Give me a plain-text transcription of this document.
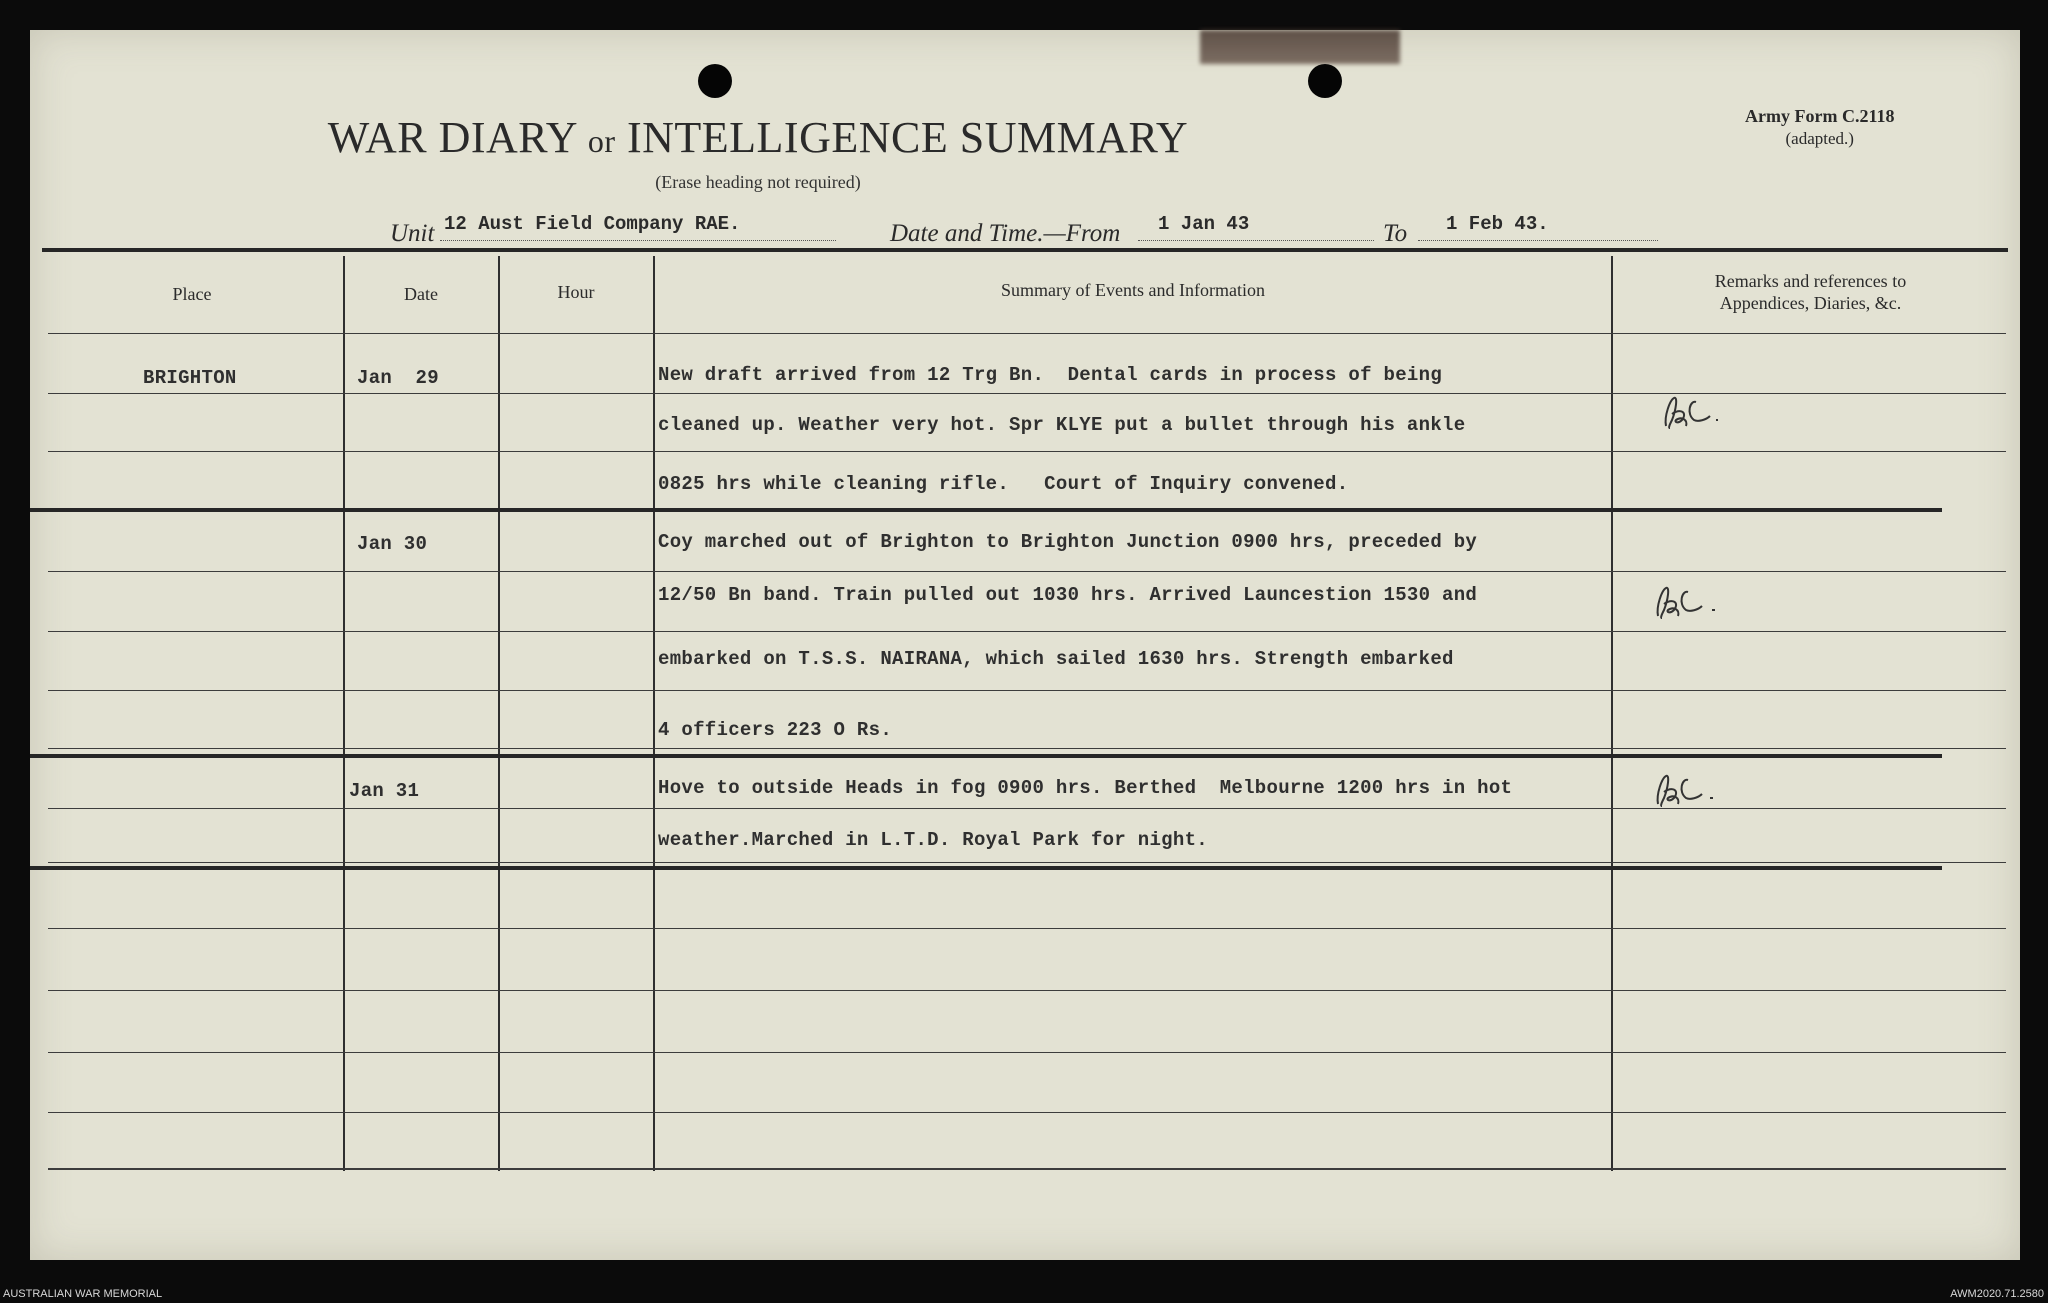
WAR DIARY or INTELLIGENCE SUMMARY
(Erase heading not required)
Army Form C.2118
(adapted.)
Unit 12 Aust Field Company RAE.	Date and Time.—From 1 Jan 43	To 1 Feb 43.
Place	Date	Hour	Summary of Events and Information	Remarks and references to
Appendices, Diaries, &c.
BRIGHTON	Jan  29	New draft arrived from 12 Trg Bn.  Dental cards in process of being
cleaned up. Weather very hot. Spr KLYE put a bullet through his ankle
0825 hrs while cleaning rifle.   Court of Inquiry convened.
Jan 30	Coy marched out of Brighton to Brighton Junction 0900 hrs, preceded by
12/50 Bn band. Train pulled out 1030 hrs. Arrived Launcestion 1530 and
embarked on T.S.S. NAIRANA, which sailed 1630 hrs. Strength embarked
4 officers 223 O Rs.
Jan 31	Hove to outside Heads in fog 0900 hrs. Berthed  Melbourne 1200 hrs in hot
weather.Marched in L.T.D. Royal Park for night.
AUSTRALIAN WAR MEMORIAL	AWM2020.71.2580
